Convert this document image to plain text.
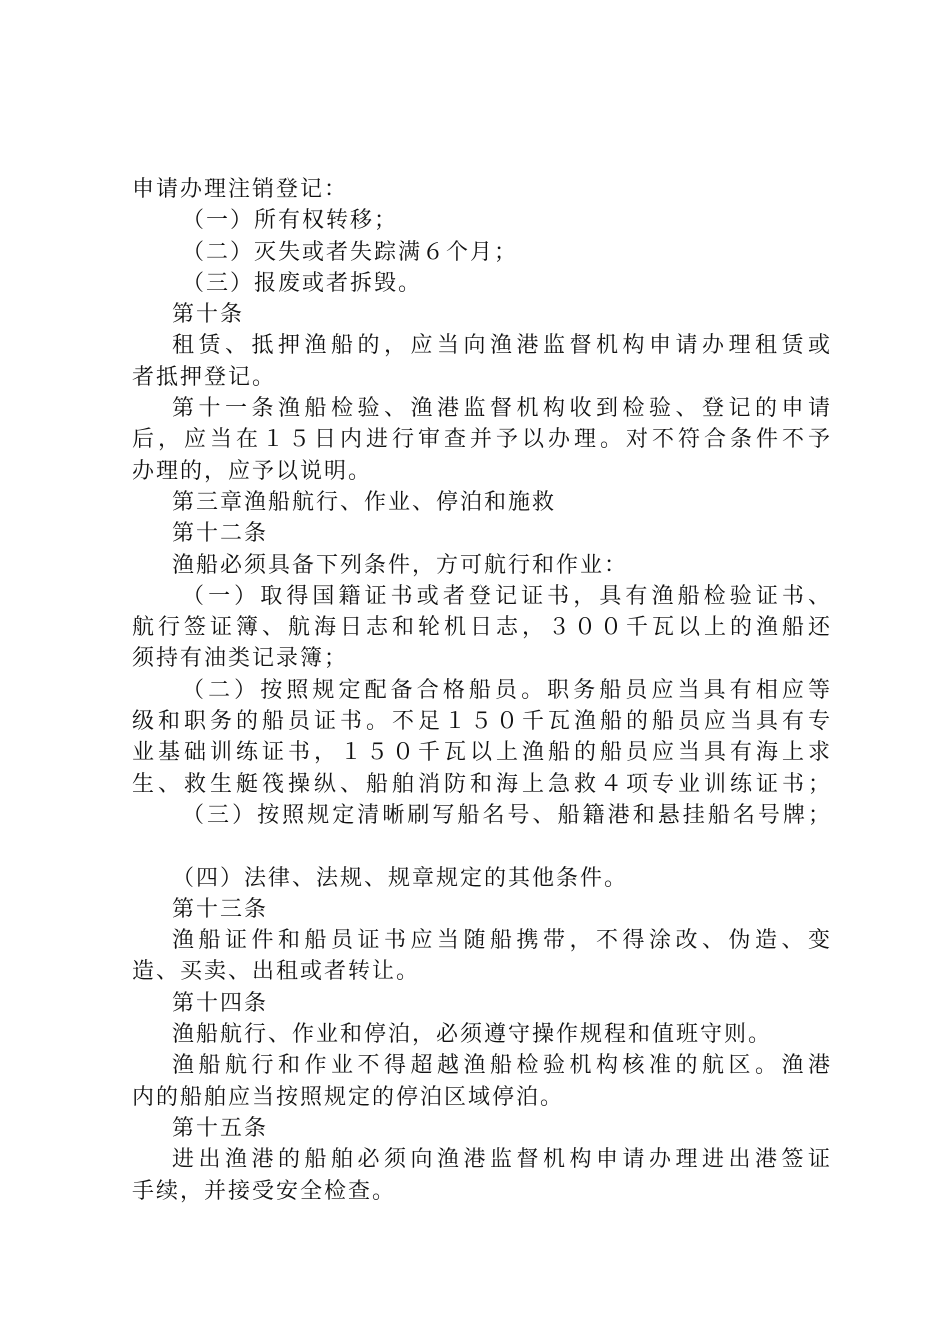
申请办理注销登记：

（一）所有权转移；

（二）灭失或者失踪满６个月；

（三）报废或者拆毁。

第十条

租赁、抵押渔船的，应当向渔港监督机构申请办理租赁或

者抵押登记。

第十一条渔船检验、渔港监督机构收到检验、登记的申请

后，应当在１５日内进行审查并予以办理。对不符合条件不予

办理的，应予以说明。

第三章渔船航行、作业、停泊和施救

第十二条

渔船必须具备下列条件，方可航行和作业：

（一）取得国籍证书或者登记证书，具有渔船检验证书、

航行签证簿、航海日志和轮机日志，３００千瓦以上的渔船还

须持有油类记录簿；

（二）按照规定配备合格船员。职务船员应当具有相应等

级和职务的船员证书。不足１５０千瓦渔船的船员应当具有专

业基础训练证书，１５０千瓦以上渔船的船员应当具有海上求

生、救生艇筏操纵、船舶消防和海上急救４项专业训练证书；

（三）按照规定清晰刷写船名号、船籍港和悬挂船名号牌；

（四）法律、法规、规章规定的其他条件。

第十三条

渔船证件和船员证书应当随船携带，不得涂改、伪造、变

造、买卖、出租或者转让。

第十四条

渔船航行、作业和停泊，必须遵守操作规程和值班守则。

渔船航行和作业不得超越渔船检验机构核准的航区。渔港

内的船舶应当按照规定的停泊区域停泊。

第十五条

进出渔港的船舶必须向渔港监督机构申请办理进出港签证

手续，并接受安全检查。
